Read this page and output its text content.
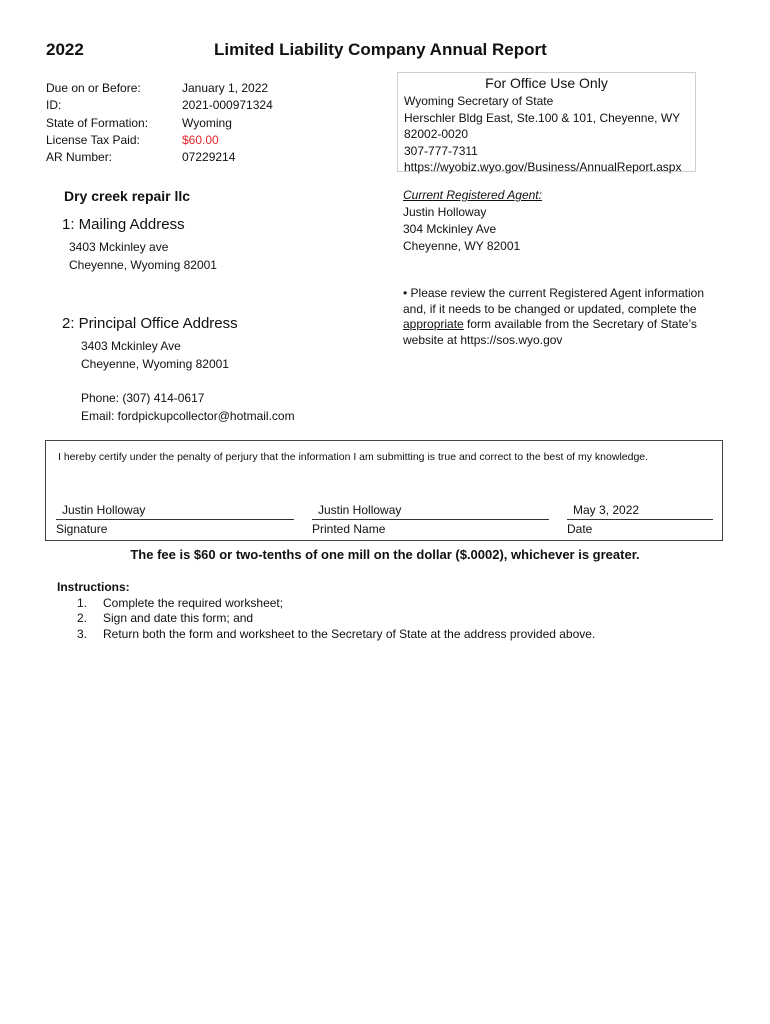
2022	Limited Liability Company Annual Report
Due on or Before:	January 1, 2022
ID:	2021-000971324
State of Formation:	Wyoming
License Tax Paid:	$60.00
AR Number:	07229214
For Office Use Only
Wyoming Secretary of State
Herschler Bldg East, Ste.100 & 101, Cheyenne, WY 82002-0020
307-777-7311
https://wyobiz.wyo.gov/Business/AnnualReport.aspx
Dry creek repair llc
1: Mailing Address
3403 Mckinley ave
Cheyenne, Wyoming 82001
2: Principal Office Address
3403 Mckinley Ave
Cheyenne, Wyoming 82001
Phone: (307) 414-0617
Email: fordpickupcollector@hotmail.com
Current Registered Agent:
Justin Holloway
304 Mckinley Ave
Cheyenne, WY 82001
• Please review the current Registered Agent information and, if it needs to be changed or updated, complete the appropriate form available from the Secretary of State’s website at https://sos.wyo.gov
I hereby certify under the penalty of perjury that the information I am submitting is true and correct to the best of my knowledge.
Justin Holloway
Signature
Justin Holloway
Printed Name
May 3, 2022
Date
The fee is $60 or two-tenths of one mill on the dollar ($.0002), whichever is greater.
Instructions:
1.	Complete the required worksheet;
2.	Sign and date this form; and
3.	Return both the form and worksheet to the Secretary of State at the address provided above.
